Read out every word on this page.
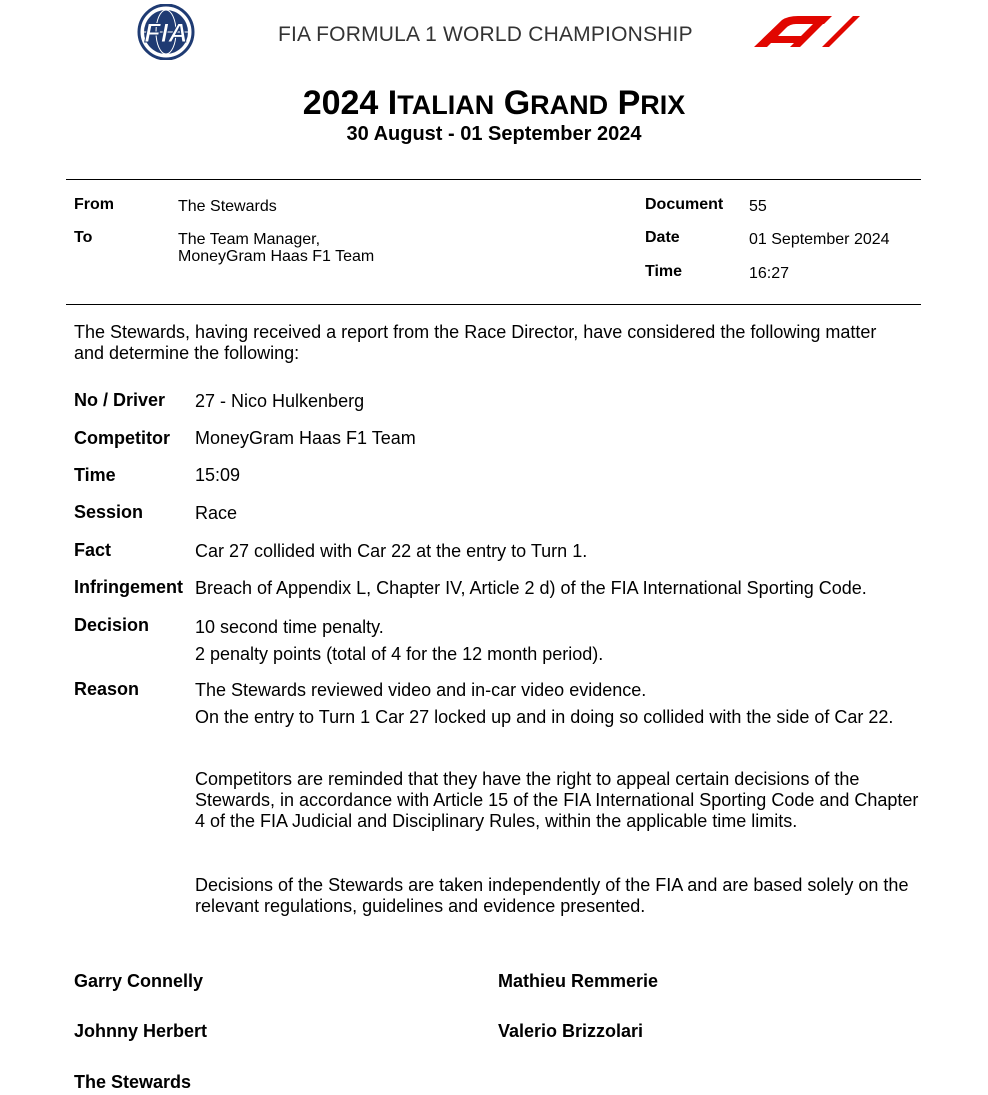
FIA	FIA FORMULA 1 WORLD CHAMPIONSHIP
F1
2024 ITALIAN GRAND PRIX
30 August - 01 September 2024
From	The Stewards
To	The Team Manager,
MoneyGram Haas F1 Team
Document 55
Date	01 September 2024
Time	16:27
The Stewards, having received a report from the Race Director, have considered the following matter and determine the following:
No / Driver 27 - Nico Hulkenberg
Competitor MoneyGram Haas F1 Team
Time	15:09
Session	Race
Fact	Car 27 collided with Car 22 at the entry to Turn 1.
Infringement Breach of Appendix L, Chapter IV, Article 2 d) of the FIA International Sporting Code.
Decision	10 second time penalty.
2 penalty points (total of 4 for the 12 month period).
Reason	The Stewards reviewed video and in-car video evidence.
On the entry to Turn 1 Car 27 locked up and in doing so collided with the side of Car 22.
Competitors are reminded that they have the right to appeal certain decisions of the Stewards, in accordance with Article 15 of the FIA International Sporting Code and Chapter 4 of the FIA Judicial and Disciplinary Rules, within the applicable time limits.
Decisions of the Stewards are taken independently of the FIA and are based solely on the relevant regulations, guidelines and evidence presented.
Garry Connelly	Mathieu Remmerie
Johnny Herbert	Valerio Brizzolari
The Stewards
